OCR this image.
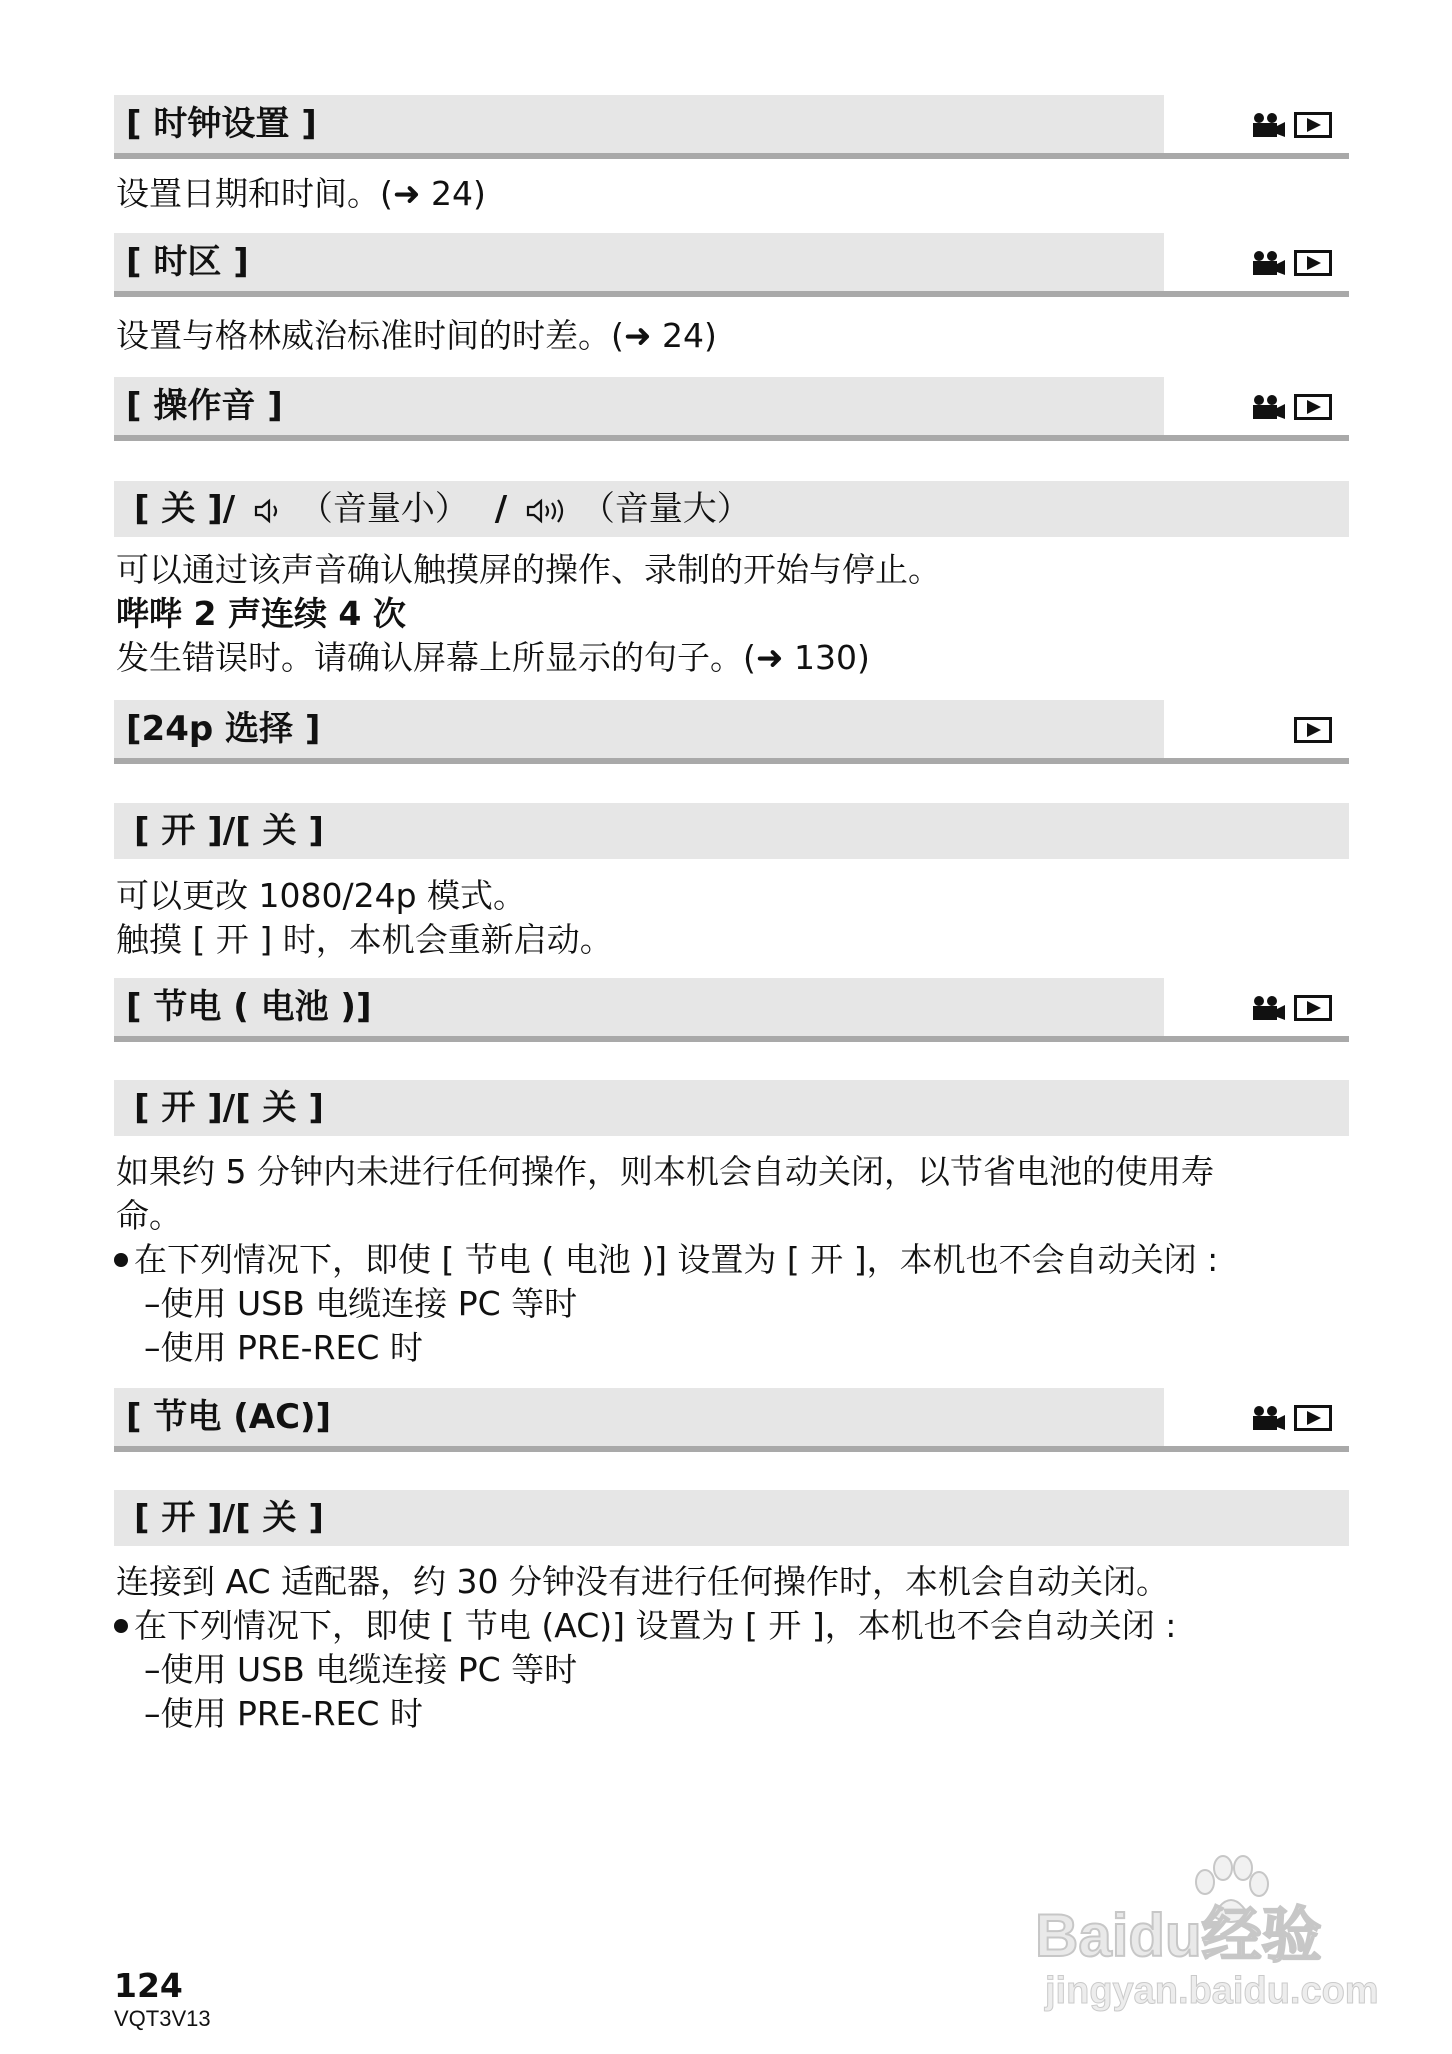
[ 时钟设置 ]
设置日期和时间。(➜ 24)
[ 时区 ]
设置与格林威治标准时间的时差。(➜ 24)
[ 操作音 ]
[ 关 ]/ （音量小） / （音量大）
可以通过该声音确认触摸屏的操作、录制的开始与停止。
哔哔 2 声连续 4 次
发生错误时。请确认屏幕上所显示的句子。(➜ 130)
[24p 选择 ]
[ 开 ]/[ 关 ]
可以更改 1080/24p 模式。
触摸 [ 开 ] 时，本机会重新启动。
[ 节电 ( 电池 )]
[ 开 ]/[ 关 ]
如果约 5 分钟内未进行任何操作，则本机会自动关闭，以节省电池的使用寿
命。
在下列情况下，即使 [ 节电 ( 电池 )] 设置为 [ 开 ]，本机也不会自动关闭 :
–使用 USB 电缆连接 PC 等时
–使用 PRE-REC 时
[ 节电 (AC)]
[ 开 ]/[ 关 ]
连接到 AC 适配器，约 30 分钟没有进行任何操作时，本机会自动关闭。
在下列情况下，即使 [ 节电 (AC)] 设置为 [ 开 ]，本机也不会自动关闭 :
–使用 USB 电缆连接 PC 等时
–使用 PRE-REC 时
124
VQT3V13
Baidu经验
jingyan.baidu.com
